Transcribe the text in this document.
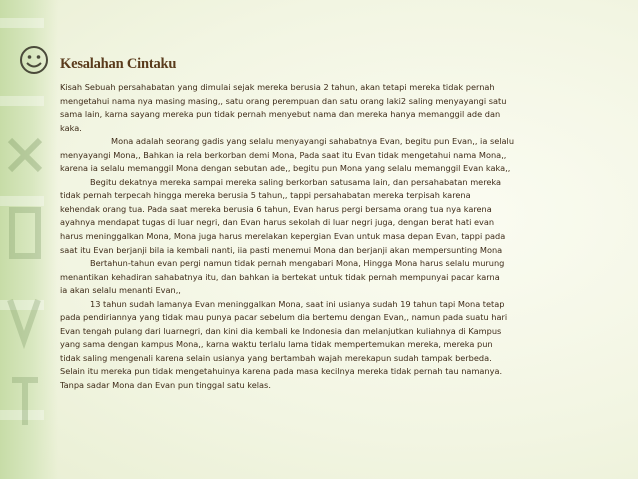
Kesalahan Cintaku
Kisah Sebuah persahabatan yang dimulai sejak mereka berusia 2 tahun, akan tetapi mereka tidak pernah
mengetahui nama nya masing masing,, satu orang perempuan dan satu orang laki2 saling menyayangi satu
sama lain, karna sayang mereka pun tidak pernah menyebut nama dan mereka hanya memanggil ade dan
kaka.
Mona adalah seorang gadis yang selalu menyayangi sahabatnya Evan, begitu pun Evan,, ia selalu
menyayangi Mona,, Bahkan ia rela berkorban demi Mona, Pada saat itu Evan tidak mengetahui nama Mona,,
karena ia selalu memanggil Mona dengan sebutan ade,, begitu pun Mona yang selalu memanggil Evan kaka,,
Begitu dekatnya mereka sampai mereka saling berkorban satusama lain, dan persahabatan mereka
tidak pernah terpecah hingga mereka berusia 5 tahun,, tappi persahabatan mereka terpisah karena
kehendak orang tua. Pada saat mereka berusia 6 tahun, Evan harus pergi bersama orang tua nya karena
ayahnya mendapat tugas di luar negri, dan Evan harus sekolah di luar negri juga, dengan berat hati evan
harus meninggalkan Mona, Mona juga harus merelakan kepergian Evan untuk masa depan Evan, tappi pada
saat itu Evan berjanji bila ia kembali nanti, iia pasti menemui Mona dan berjanji akan mempersunting Mona
Bertahun-tahun evan pergi namun tidak pernah mengabari Mona, Hingga Mona harus selalu murung
menantikan kehadiran sahabatnya itu, dan bahkan ia bertekat untuk tidak pernah mempunyai pacar karna
ia akan selalu menanti Evan,,
13 tahun sudah lamanya Evan meninggalkan Mona, saat ini usianya sudah 19 tahun tapi Mona tetap
pada pendiriannya yang tidak mau punya pacar sebelum dia bertemu dengan Evan,, namun pada suatu hari
Evan tengah pulang dari luarnegri, dan kini dia kembali ke Indonesia dan melanjutkan kuliahnya di Kampus
yang sama dengan kampus Mona,, karna waktu terlalu lama tidak mempertemukan mereka, mereka pun
tidak saling mengenali karena selain usianya yang bertambah wajah merekapun sudah tampak berbeda.
Selain itu mereka pun tidak mengetahuinya karena pada masa kecilnya mereka tidak pernah tau namanya.
Tanpa sadar Mona dan Evan pun tinggal satu kelas.
